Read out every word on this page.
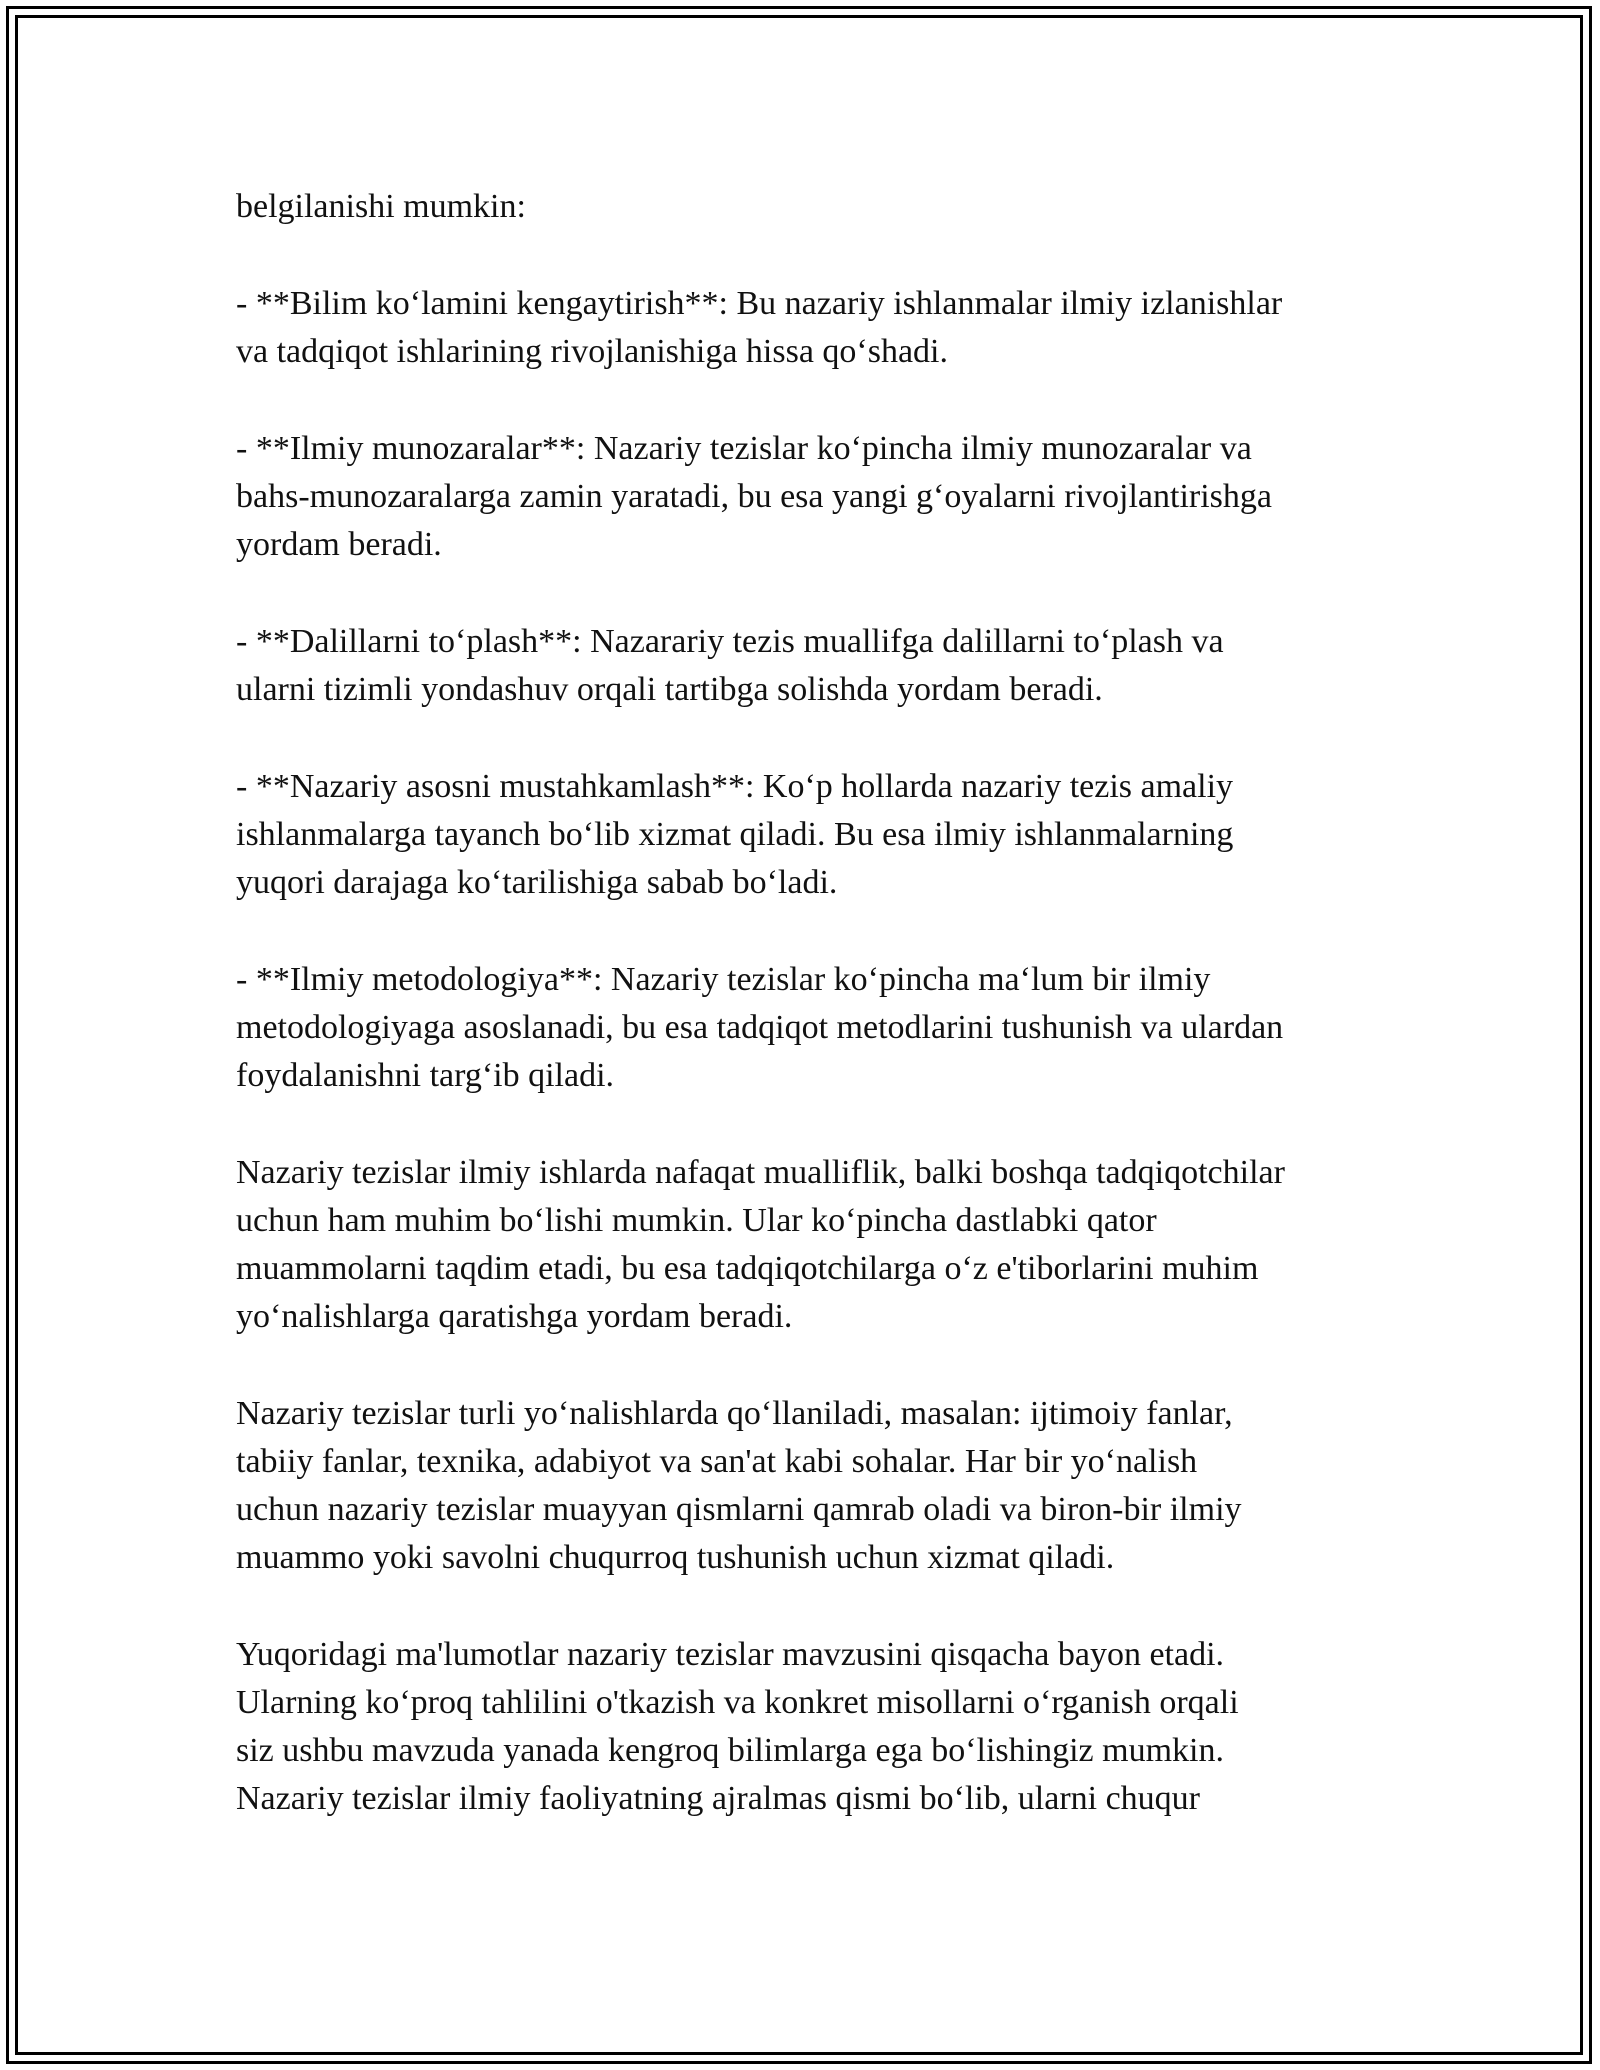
belgilanishi mumkin:
- **Bilim ko‘lamini kengaytirish**: Bu nazariy ishlanmalar ilmiy izlanishlar
va tadqiqot ishlarining rivojlanishiga hissa qo‘shadi.
- **Ilmiy munozaralar**: Nazariy tezislar ko‘pincha ilmiy munozaralar va
bahs-munozaralarga zamin yaratadi, bu esa yangi g‘oyalarni rivojlantirishga
yordam beradi.
- **Dalillarni to‘plash**: Nazarariy tezis muallifga dalillarni to‘plash va
ularni tizimli yondashuv orqali tartibga solishda yordam beradi.
- **Nazariy asosni mustahkamlash**: Ko‘p hollarda nazariy tezis amaliy
ishlanmalarga tayanch bo‘lib xizmat qiladi. Bu esa ilmiy ishlanmalarning
yuqori darajaga ko‘tarilishiga sabab bo‘ladi.
- **Ilmiy metodologiya**: Nazariy tezislar ko‘pincha ma‘lum bir ilmiy
metodologiyaga asoslanadi, bu esa tadqiqot metodlarini tushunish va ulardan
foydalanishni targ‘ib qiladi.
Nazariy tezislar ilmiy ishlarda nafaqat mualliflik, balki boshqa tadqiqotchilar
uchun ham muhim bo‘lishi mumkin. Ular ko‘pincha dastlabki qator
muammolarni taqdim etadi, bu esa tadqiqotchilarga o‘z e'tiborlarini muhim
yo‘nalishlarga qaratishga yordam beradi.
Nazariy tezislar turli yo‘nalishlarda qo‘llaniladi, masalan: ijtimoiy fanlar,
tabiiy fanlar, texnika, adabiyot va san'at kabi sohalar. Har bir yo‘nalish
uchun nazariy tezislar muayyan qismlarni qamrab oladi va biron-bir ilmiy
muammo yoki savolni chuqurroq tushunish uchun xizmat qiladi.
Yuqoridagi ma'lumotlar nazariy tezislar mavzusini qisqacha bayon etadi.
Ularning ko‘proq tahlilini o'tkazish va konkret misollarni o‘rganish orqali
siz ushbu mavzuda yanada kengroq bilimlarga ega bo‘lishingiz mumkin.
Nazariy tezislar ilmiy faoliyatning ajralmas qismi bo‘lib, ularni chuqur
